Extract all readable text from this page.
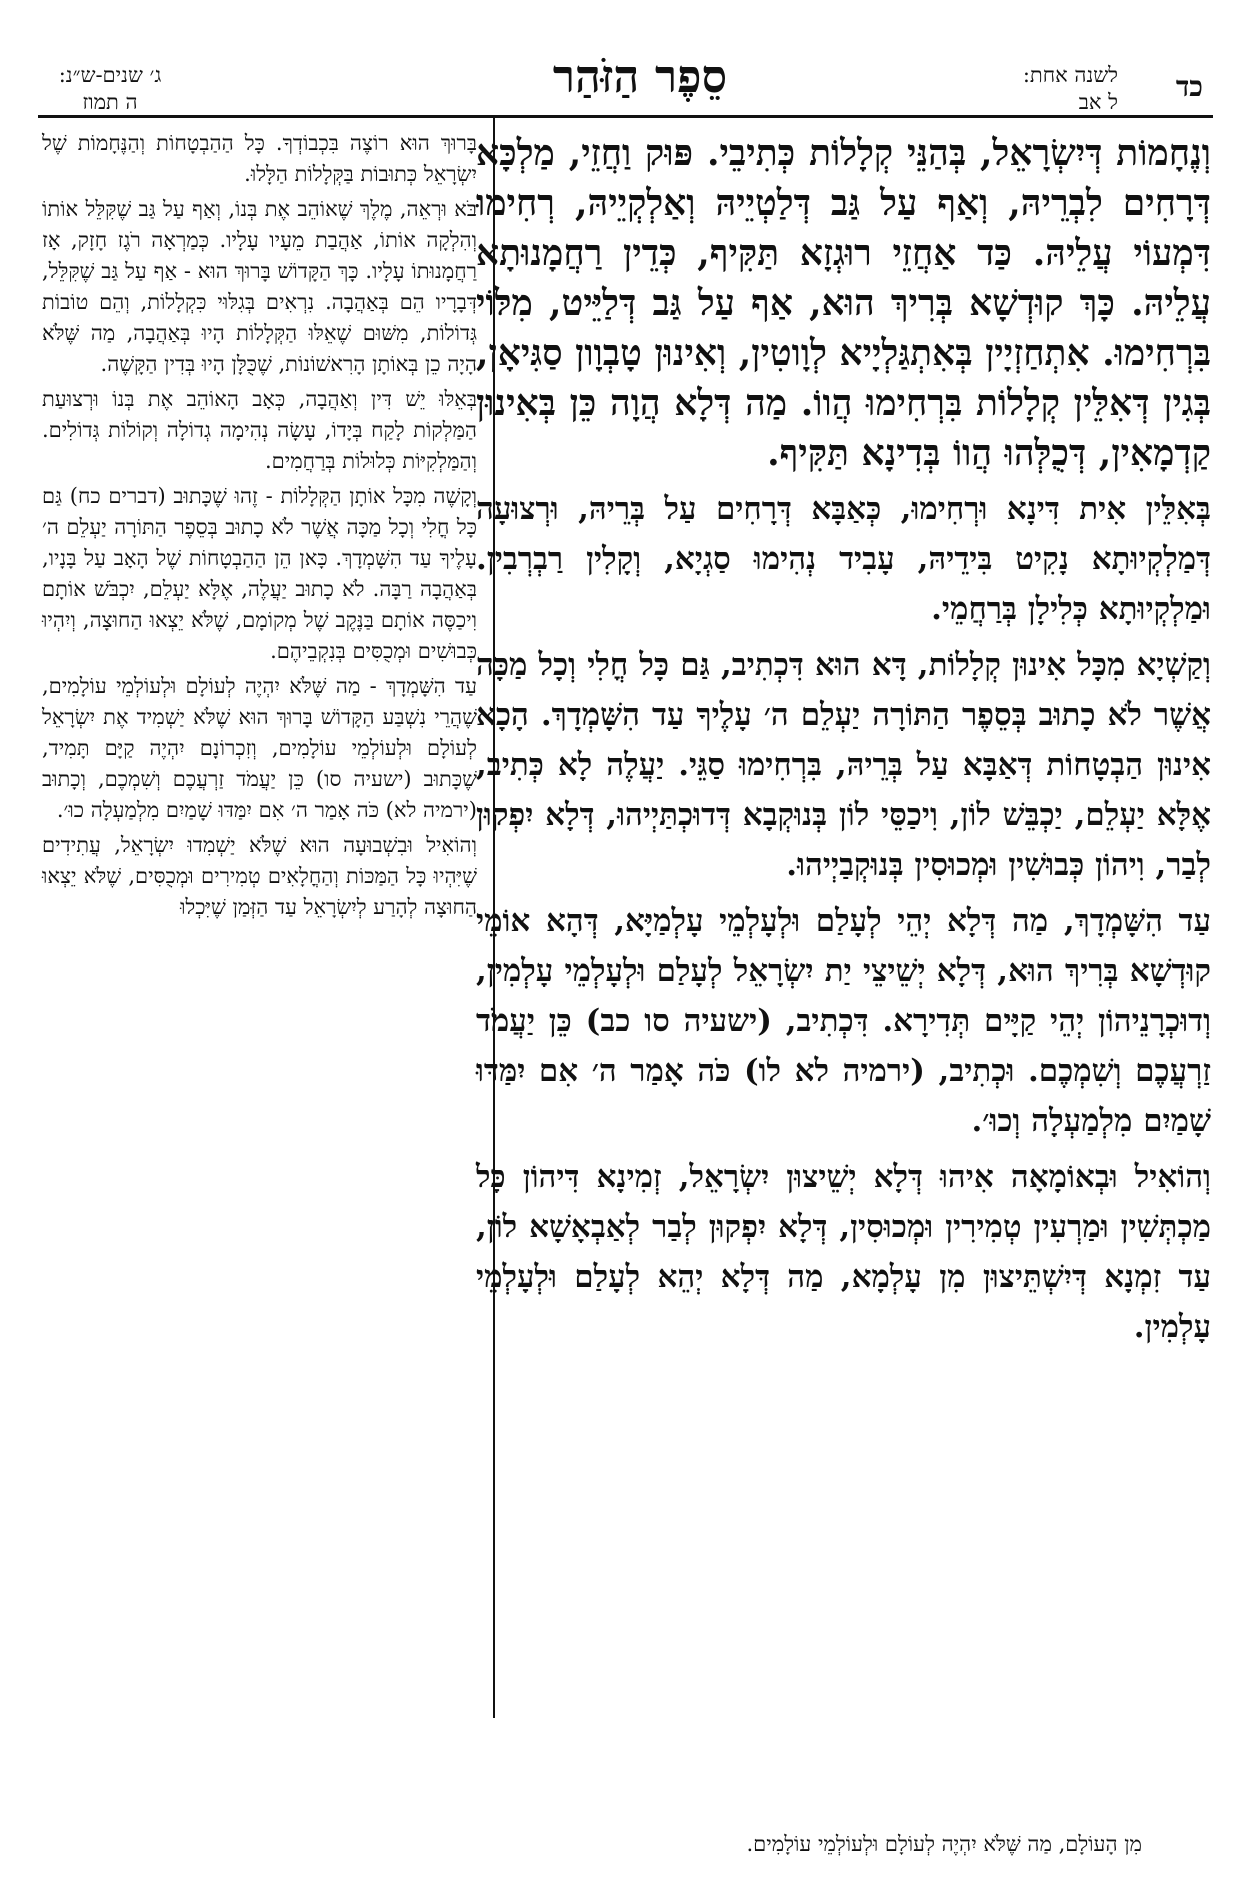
כד
לשנה אחת:
ל אב
סֵפֶר הַזֹּהַר
ג׳ שנים-ש״נ:
ה תמוז

וְנֶחָמוֹת דְּיִשְׂרָאֵל, בְּהַנֵּי קְלָלוֹת כְּתִיבֵי. פּוּק וַחֲזֵי, מַלְכָּא דְּרָחִים לִבְרֵיהּ, וְאַף עַל גַּב דְּלַטְיֵיהּ וְאַלְקְיֵיהּ, רְחִימוּ דִּמְעוֹי עֲלֵיהּ. כַּד אַחֲזֵי רוּגְזָא תַּקִּיף, כְּדֵין רַחֲמָנוּתָא עֲלֵיהּ. כָּךְ קוּדְשָׁא בְּרִיךְ הוּא, אַף עַל גַּב דְּלַיֵּיט, מִלּוֹי בִּרְחִימוּ. אִתְחַזְיָין בְּאִתְגַּלְיָיא לְוָוטִין, וְאִינוּן טָבְוָון סַגִּיאָן, בְּגִין דְּאִלֵּין קְלָלוֹת בִּרְחִימוּ הֲווֹ. מַה דְּלָא הֲוָה כֵּן בְּאִינוּן קַדְמָאִין, דְּכֻלְּהוּ הֲווֹ בְּדִינָא תַּקִּיף.

בְּאִלֵּין אִית דִּינָא וּרְחִימוּ, כְּאַבָּא דְּרָחִים עַל בְּרֵיהּ, וּרְצוּעָה דְּמַלְקְיוּתָא נָקִיט בִּידֵיהּ, עָבִיד נְהִימוּ סַגְיָא, וְקָלִין רַבְרְבִין. וּמַלְקְיוּתָא כְּלִילָן בְּרַחֲמֵי.

וְקַשְׁיָא מִכָּל אִינוּן קְלָלוֹת, דָּא הוּא דִּכְתִיב, גַּם כָּל חֳלִי וְכָל מַכָּה אֲשֶׁר לֹא כָתוּב בְּסֵפֶר הַתּוֹרָה יַעְלֵם ה׳ עָלֶיךָ עַד הִשָּׁמְדָךְ. הָכָא אִינוּן הַבְטָחוֹת דְּאַבָּא עַל בְּרֵיהּ, בִּרְחִימוּ סַגֵּי. יַעֲלֶה לָא כְּתִיב, אֶלָּא יַעְלֵם, יַכְבֵּשׁ לוֹן, וִיכַסֵּי לוֹן בְּנוּקְבָא דְּדוּכְתַּיְיהוּ, דְּלָא יִפְקוּן לְבַר, וִיהוֹן כְּבוּשִׁין וּמְכוּסִין בְּנוּקְבַיְיהוּ.

עַד הִשָּׁמְדָךְ, מַה דְּלָא יְהֵי לְעָלַם וּלְעָלְמֵי עָלְמַיָּא, דְּהָא אוֹמֵי קוּדְשָׁא בְּרִיךְ הוּא, דְּלָא יְשֵׁיצֵי יַת יִשְׂרָאֵל לְעָלַם וּלְעָלְמֵי עָלְמִין, וְדוּכְרָנֵיהוֹן יְהֵי קַיָּים תְּדִירָא. דִּכְתִיב, (ישעיה סו כב) כֵּן יַעֲמֹד זַרְעֲכֶם וְשִׁמְכֶם. וּכְתִיב, (ירמיה לא לו) כֹּה אָמַר ה׳ אִם יִמַּדּוּ שָׁמַיִם מִלְמַעְלָה וְכוּ׳.

וְהוֹאִיל וּבְאוֹמָאָה אִיהוּ דְּלָא יְשֵׁיצוּן יִשְׂרָאֵל, זְמִינָא דִּיהוֹן כָּל מַכְתְּשִׁין וּמַרְעִין טְמִירִין וּמְכוּסִין, דְּלָא יִפְקוּן לְבַר לְאַבְאָשָׁא לוֹן, עַד זִמְנָא דְּיִשְׁתֵּיצוּן מִן עָלְמָא, מַה דְּלָא יְהֵא לְעָלַם וּלְעָלְמֵי עָלְמִין.

בָּרוּךְ הוּא רוֹצֶה בִּכְבוֹדְךָ. כָּל הַהַבְטָחוֹת וְהַנֶּחָמוֹת שֶׁל יִשְׂרָאֵל כְּתוּבוֹת בַּקְּלָלוֹת הַלָּלוּ.

בֹּא וּרְאֵה, מֶלֶךְ שֶׁאוֹהֵב אֶת בְּנוֹ, וְאַף עַל גַּב שֶׁקִּלֵּל אוֹתוֹ וְהִלְקָה אוֹתוֹ, אַהֲבַת מֵעָיו עָלָיו. כְּמַרְאָה רֹגֶז חָזָק, אָז רַחֲמָנוּתוֹ עָלָיו. כָּךְ הַקָּדוֹשׁ בָּרוּךְ הוּא - אַף עַל גַּב שֶׁקִּלֵּל, דְּבָרָיו הֵם בְּאַהֲבָה. נִרְאִים בְּגִלּוּי כִּקְלָלוֹת, וְהֵם טוֹבוֹת גְּדוֹלוֹת, מִשּׁוּם שֶׁאֵלּוּ הַקְּלָלוֹת הָיוּ בְּאַהֲבָה, מַה שֶּׁלֹּא הָיָה כֵן בְּאוֹתָן הָרִאשׁוֹנוֹת, שֶׁכֻּלָּן הָיוּ בְּדִין הַקָּשֶׁה.

בְּאֵלּוּ יֵשׁ דִּין וְאַהֲבָה, כְּאָב הָאוֹהֵב אֶת בְּנוֹ וּרְצוּעַת הַמַּלְקוֹת לָקַח בְּיָדוֹ, עָשָׂה נְהִימָה גְדוֹלָה וְקוֹלוֹת גְּדוֹלִים. וְהַמַּלְקִיּוֹת כְּלוּלוֹת בְּרַחֲמִים.

וְקָשֶׁה מִכָּל אוֹתָן הַקְּלָלוֹת - זֶהוּ שֶׁכָּתוּב (דברים כח) גַּם כָּל חֳלִי וְכָל מַכָּה אֲשֶׁר לֹא כָתוּב בְּסֵפֶר הַתּוֹרָה יַעְלֵם ה׳ עָלֶיךָ עַד הִשָּׁמְדָךְ. כָּאן הֵן הַהַבְטָחוֹת שֶׁל הָאָב עַל בָּנָיו, בְּאַהֲבָה רַבָּה. לֹא כָתוּב יַעֲלֶה, אֶלָּא יַעְלֵם, יִכְבֹּשׁ אוֹתָם וִיכַסֶּה אוֹתָם בַּנֶּקֶב שֶׁל מְקוֹמָם, שֶׁלֹּא יֵצְאוּ הַחוּצָה, וְיִהְיוּ כְּבוּשִׁים וּמְכֻסִּים בְּנִקְבֵיהֶם.

עַד הִשָּׁמְדָךְ - מַה שֶּׁלֹּא יִהְיֶה לְעוֹלָם וּלְעוֹלְמֵי עוֹלָמִים, שֶׁהֲרֵי נִשְׁבַּע הַקָּדוֹשׁ בָּרוּךְ הוּא שֶׁלֹּא יַשְׁמִיד אֶת יִשְׂרָאֵל לְעוֹלָם וּלְעוֹלְמֵי עוֹלָמִים, וְזִכְרוֹנָם יִהְיֶה קַיָּם תָּמִיד, שֶׁכָּתוּב (ישעיה סו) כֵּן יַעֲמֹד זַרְעֲכֶם וְשִׁמְכֶם, וְכָתוּב (ירמיה לא) כֹּה אָמַר ה׳ אִם יִמַּדּוּ שָׁמַיִם מִלְמַעְלָה כוּ׳.

וְהוֹאִיל וּבִשְׁבוּעָה הוּא שֶׁלֹּא יַשְׁמִדוּ יִשְׂרָאֵל, עֲתִידִים שֶׁיִּהְיוּ כָּל הַמַּכּוֹת וְהַחֳלָאִים טְמִירִים וּמְכֻסִּים, שֶׁלֹּא יֵצְאוּ הַחוּצָה לְהָרַע לְיִשְׂרָאֵל עַד הַזְּמַן שֶׁיִּכְלוּ

מִן הָעוֹלָם, מַה שֶּׁלֹּא יִהְיֶה לְעוֹלָם וּלְעוֹלְמֵי עוֹלָמִים.
